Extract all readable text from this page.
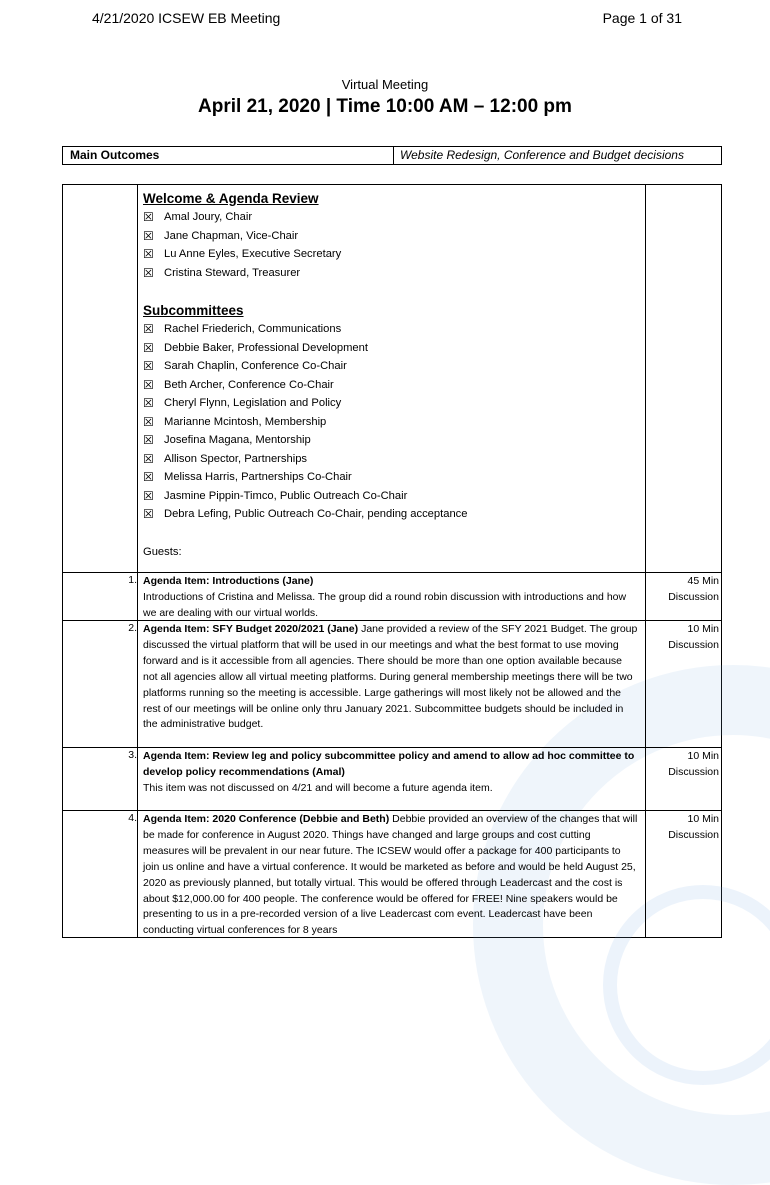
4/21/2020 ICSEW EB Meeting	Page 1 of 31
Virtual Meeting
April 21, 2020 | Time 10:00 AM – 12:00 pm
Main Outcomes	Website Redesign, Conference and Budget decisions
Welcome & Agenda Review
☒ Amal Joury, Chair
☒ Jane Chapman, Vice-Chair
☒ Lu Anne Eyles, Executive Secretary
☒ Cristina Steward, Treasurer
Subcommittees
☒ Rachel Friederich, Communications
☒ Debbie Baker, Professional Development
☒ Sarah Chaplin, Conference Co-Chair
☒ Beth Archer, Conference Co-Chair
☒ Cheryl Flynn, Legislation and Policy
☒ Marianne Mcintosh, Membership
☒ Josefina Magana, Mentorship
☒ Allison Spector, Partnerships
☒ Melissa Harris, Partnerships Co-Chair
☒ Jasmine Pippin-Timco, Public Outreach Co-Chair
☒ Debra Lefing, Public Outreach Co-Chair, pending acceptance
Guests:
1. Agenda Item: Introductions (Jane)
Introductions of Cristina and Melissa. The group did a round robin discussion with introductions and how we are dealing with our virtual worlds.
45 Min
Discussion
2. Agenda Item: SFY Budget 2020/2021 (Jane) Jane provided a review of the SFY 2021 Budget. The group discussed the virtual platform that will be used in our meetings and what the best format to use moving forward and is it accessible from all agencies. There should be more than one option available because not all agencies allow all virtual meeting platforms. During general membership meetings there will be two platforms running so the meeting is accessible. Large gatherings will most likely not be allowed and the rest of our meetings will be online only thru January 2021. Subcommittee budgets should be included in the administrative budget.
10 Min
Discussion
3. Agenda Item: Review leg and policy subcommittee policy and amend to allow ad hoc committee to develop policy recommendations (Amal)
This item was not discussed on 4/21 and will become a future agenda item.
10 Min
Discussion
4. Agenda Item: 2020 Conference (Debbie and Beth) Debbie provided an overview of the changes that will be made for conference in August 2020. Things have changed and large groups and cost cutting measures will be prevalent in our near future. The ICSEW would offer a package for 400 participants to join us online and have a virtual conference. It would be marketed as before and would be held August 25, 2020 as previously planned, but totally virtual. This would be offered through Leadercast and the cost is about $12,000.00 for 400 people. The conference would be offered for FREE! Nine speakers would be presenting to us in a pre-recorded version of a live Leadercast com event. Leadercast have been conducting virtual conferences for 8 years
10 Min
Discussion
